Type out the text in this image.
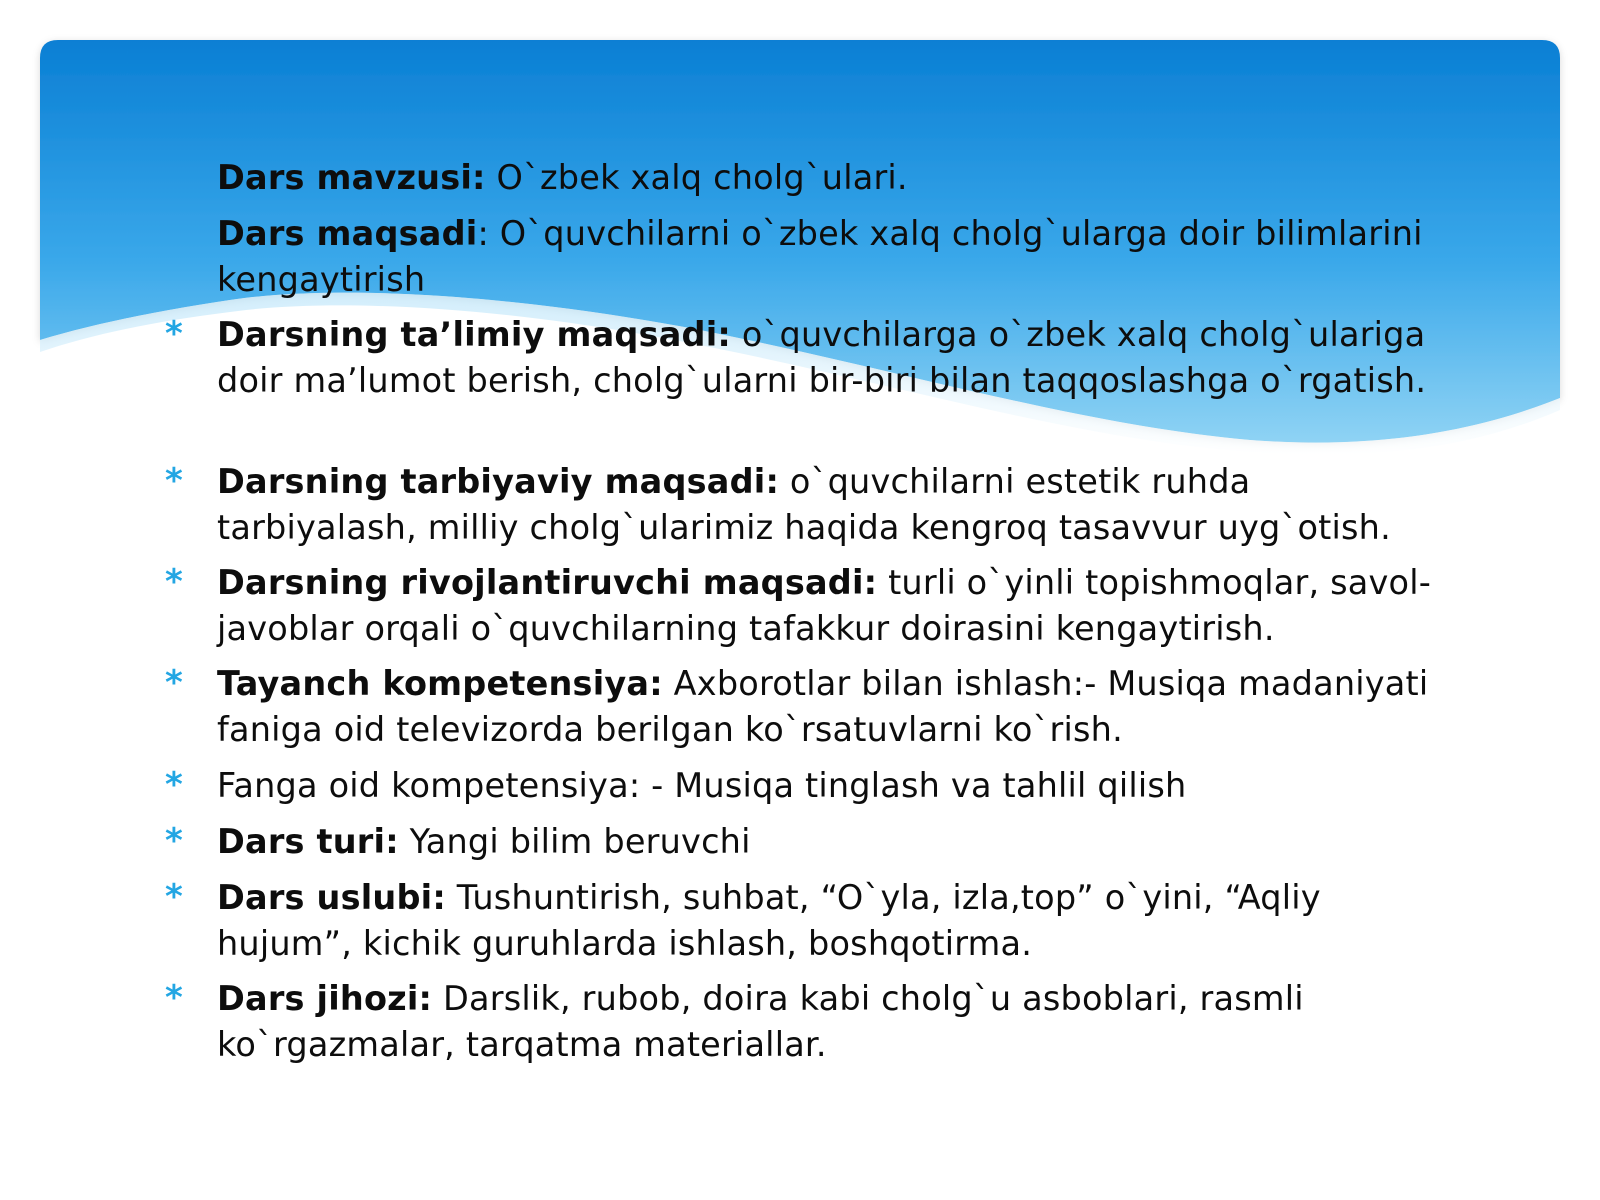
Dars mavzusi: O`zbek xalq cholg`ulari.
Dars maqsadi: O`quvchilarni o`zbek xalq cholg`ularga doir bilimlarini kengaytirish
*	Darsning ta’limiy maqsadi: o`quvchilarga o`zbek xalq cholg`ulariga doir ma’lumot berish, cholg`ularni bir-biri bilan taqqoslashga o`rgatish.
*	Darsning tarbiyaviy maqsadi: o`quvchilarni estetik ruhda tarbiyalash, milliy cholg`ularimiz haqida kengroq tasavvur uyg`otish.
*	Darsning rivojlantiruvchi maqsadi: turli o`yinli topishmoqlar, savol- javoblar orqali o`quvchilarning tafakkur doirasini kengaytirish.
*	Tayanch kompetensiya: Axborotlar bilan ishlash:- Musiqa madaniyati faniga oid televizorda berilgan ko`rsatuvlarni ko`rish.
*	Fanga oid kompetensiya: - Musiqa tinglash va tahlil qilish
*	Dars turi: Yangi bilim beruvchi
*	Dars uslubi: Tushuntirish, suhbat, “O`yla, izla,top” o`yini, “Aqliy hujum”, kichik guruhlarda ishlash, boshqotirma.
*	Dars jihozi: Darslik, rubob, doira kabi cholg`u asboblari, rasmli ko`rgazmalar, tarqatma materiallar.
